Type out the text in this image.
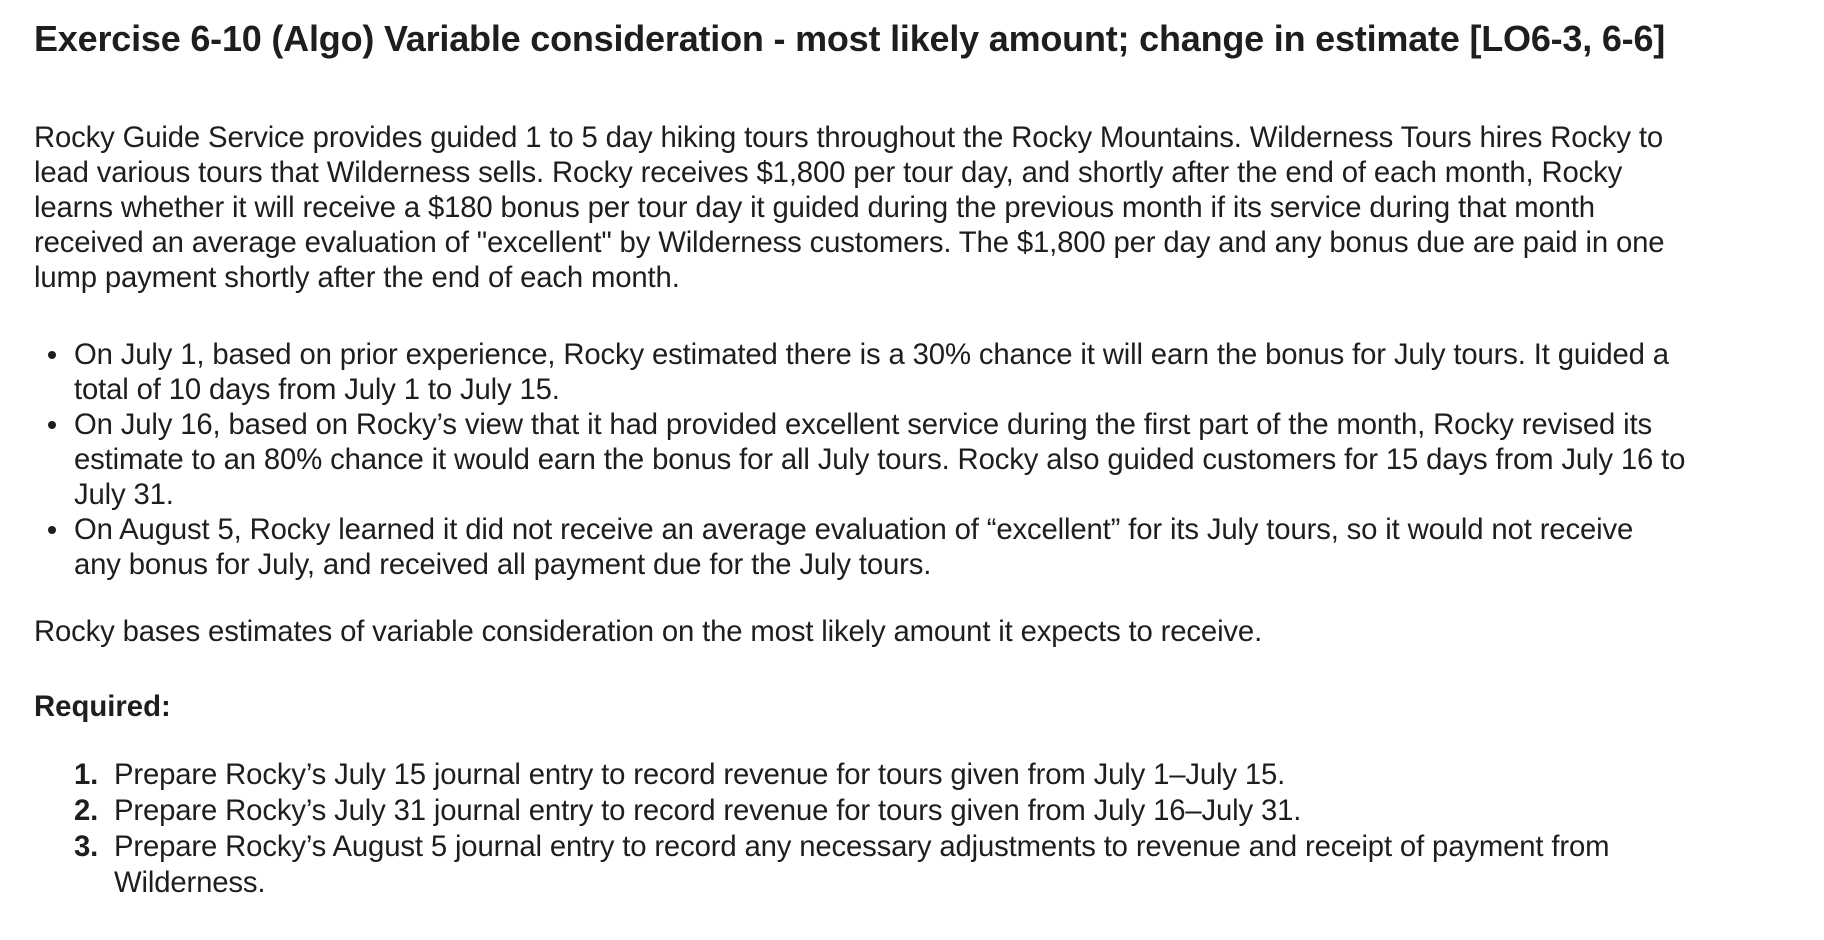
Exercise 6-10 (Algo) Variable consideration - most likely amount; change in estimate [LO6-3, 6-6]

Rocky Guide Service provides guided 1 to 5 day hiking tours throughout the Rocky Mountains. Wilderness Tours hires Rocky to
lead various tours that Wilderness sells. Rocky receives $1,800 per tour day, and shortly after the end of each month, Rocky
learns whether it will receive a $180 bonus per tour day it guided during the previous month if its service during that month
received an average evaluation of "excellent" by Wilderness customers. The $1,800 per day and any bonus due are paid in one
lump payment shortly after the end of each month.

On July 1, based on prior experience, Rocky estimated there is a 30% chance it will earn the bonus for July tours. It guided a
total of 10 days from July 1 to July 15.
On July 16, based on Rocky’s view that it had provided excellent service during the first part of the month, Rocky revised its
estimate to an 80% chance it would earn the bonus for all July tours. Rocky also guided customers for 15 days from July 16 to
July 31.
On August 5, Rocky learned it did not receive an average evaluation of “excellent” for its July tours, so it would not receive
any bonus for July, and received all payment due for the July tours.

Rocky bases estimates of variable consideration on the most likely amount it expects to receive.

Required:

1. Prepare Rocky’s July 15 journal entry to record revenue for tours given from July 1–July 15.
2. Prepare Rocky’s July 31 journal entry to record revenue for tours given from July 16–July 31.
3. Prepare Rocky’s August 5 journal entry to record any necessary adjustments to revenue and receipt of payment from
Wilderness.
